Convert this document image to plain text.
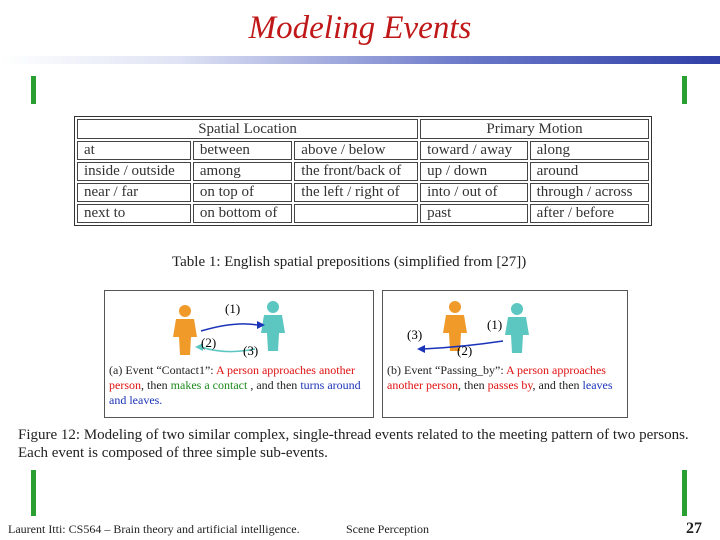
Modeling Events
Spatial Location			Primary Motion	
at	between	above / below	toward / away	along
inside / outside	among	the front/back of	up / down	around
near / far	on top of	the left / right of	into / out of	through / across
next to	on bottom of		past	after / before
Table 1: English spatial prepositions (simplified from [27])
(1)
(2)
(3)
(a) Event “Contact1”: A person approaches another person, then makes a contact , and then turns around and leaves.
(1)
(2)
(3)
(b) Event “Passing_by”: A person approaches another person, then passes by, and then leaves
Figure 12: Modeling of two similar complex, single-thread events related to the meeting pattern of two persons. Each event is composed of three simple sub-events.
Laurent Itti: CS564 – Brain theory and artificial intelligence.	Scene Perception	27
